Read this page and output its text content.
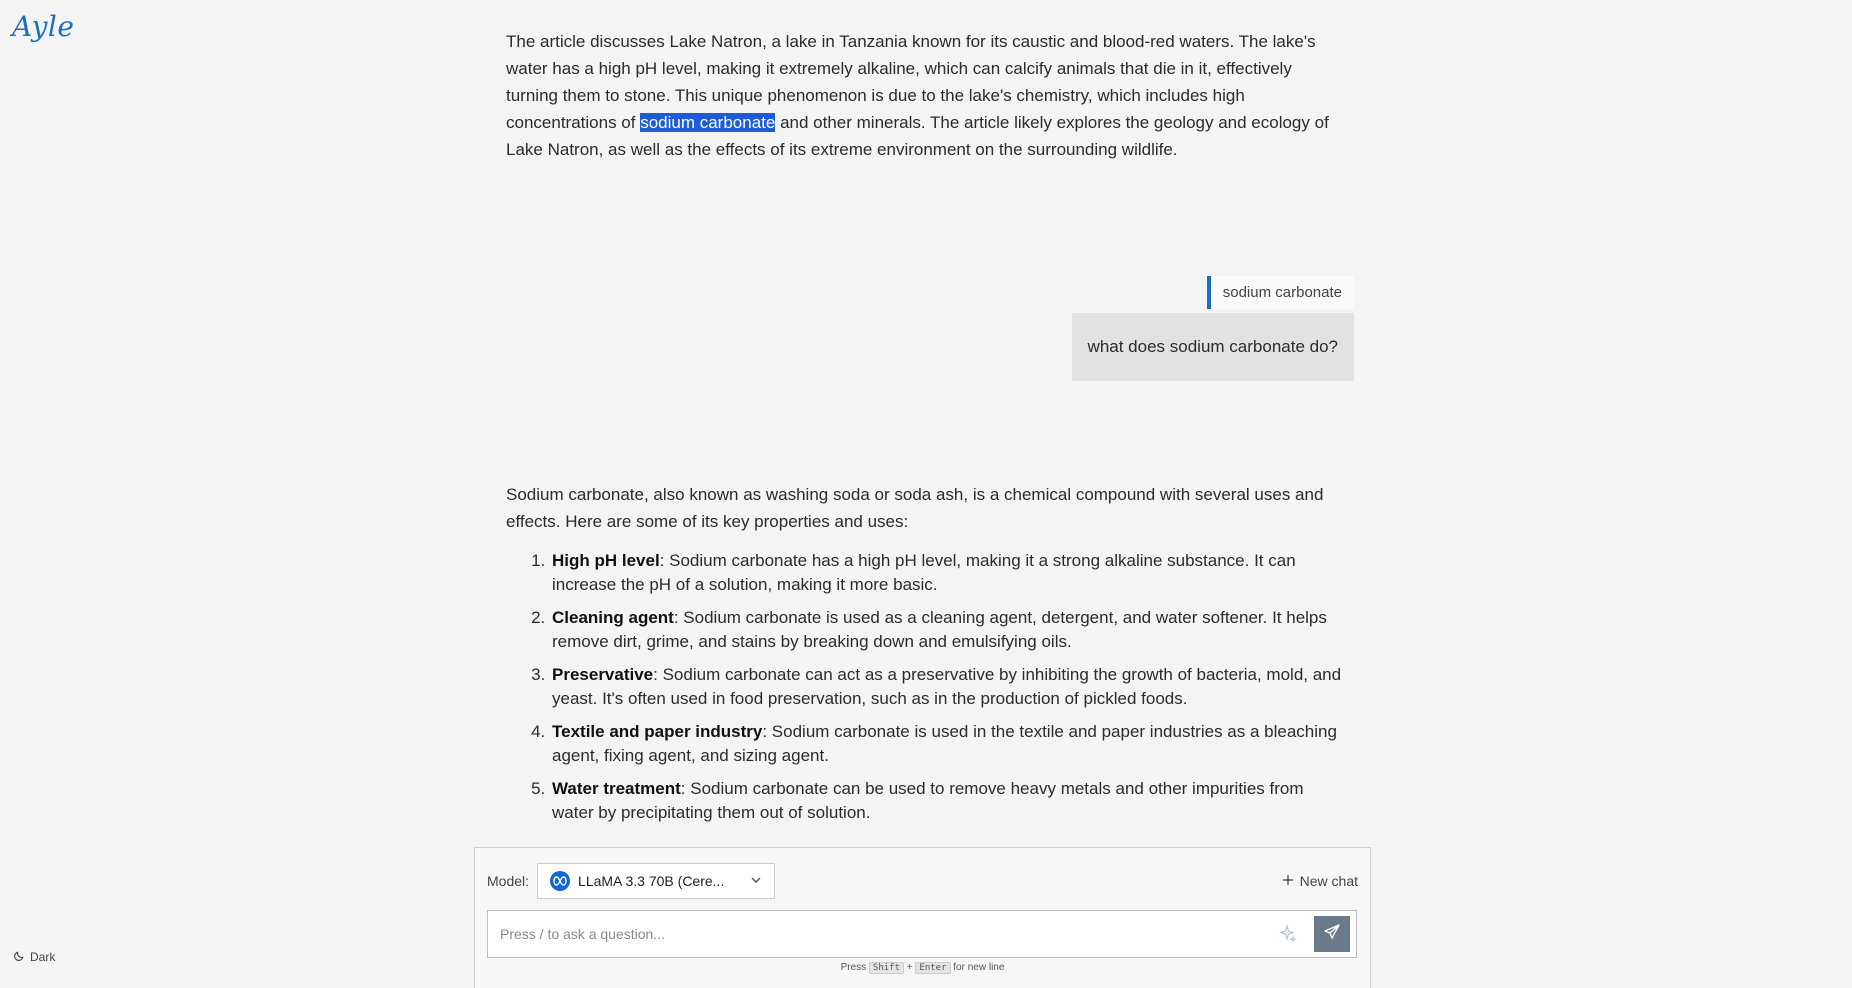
Ayle	The article discusses Lake Natron, a lake in Tanzania known for its caustic and blood-red waters. The lake's water has a high pH level, making it extremely alkaline, which can calcify animals that die in it, effectively turning them to stone. This unique phenomenon is due to the lake's chemistry, which includes high concentrations of sodium carbonate and other minerals. The article likely explores the geology and ecology of Lake Natron, as well as the effects of its extreme environment on the surrounding wildlife.

sodium carbonate
what does sodium carbonate do?

Sodium carbonate, also known as washing soda or soda ash, is a chemical compound with several uses and effects. Here are some of its key properties and uses:

1. High pH level: Sodium carbonate has a high pH level, making it a strong alkaline substance. It can increase the pH of a solution, making it more basic.
2. Cleaning agent: Sodium carbonate is used as a cleaning agent, detergent, and water softener. It helps remove dirt, grime, and stains by breaking down and emulsifying oils.
3. Preservative: Sodium carbonate can act as a preservative by inhibiting the growth of bacteria, mold, and yeast. It's often used in food preservation, such as in the production of pickled foods.
4. Textile and paper industry: Sodium carbonate is used in the textile and paper industries as a bleaching agent, fixing agent, and sizing agent.
5. Water treatment: Sodium carbonate can be used to remove heavy metals and other impurities from water by precipitating them out of solution.
Model:	LLaMA 3.3 70B (Cere...	New chat
Press / to ask a question...
Press Shift + Enter for new line
Dark
